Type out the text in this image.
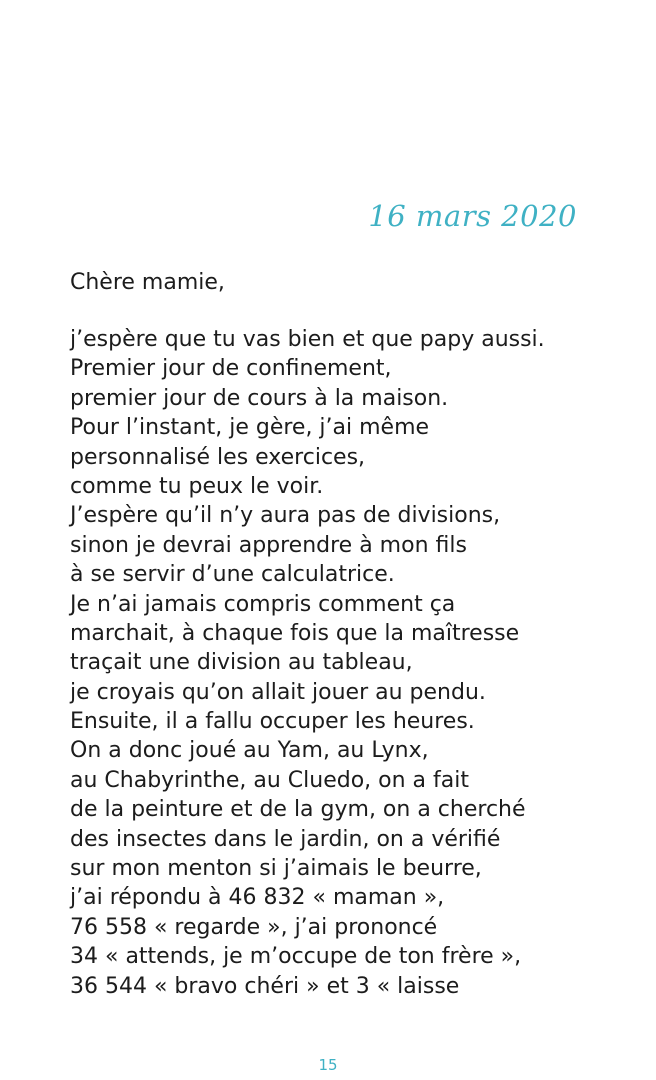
16 mars 2020
Chère mamie,
j’espère que tu vas bien et que papy aussi.
Premier jour de confinement,
premier jour de cours à la maison.
Pour l’instant, je gère, j’ai même
personnalisé les exercices,
comme tu peux le voir.
J’espère qu’il n’y aura pas de divisions,
sinon je devrai apprendre à mon fils
à se servir d’une calculatrice.
Je n’ai jamais compris comment ça
marchait, à chaque fois que la maîtresse
traçait une division au tableau,
je croyais qu’on allait jouer au pendu.
Ensuite, il a fallu occuper les heures.
On a donc joué au Yam, au Lynx,
au Chabyrinthe, au Cluedo, on a fait
de la peinture et de la gym, on a cherché
des insectes dans le jardin, on a vérifié
sur mon menton si j’aimais le beurre,
j’ai répondu à 46 832 « maman »,
76 558 « regarde », j’ai prononcé
34 « attends, je m’occupe de ton frère »,
36 544 « bravo chéri » et 3 « laisse
15
